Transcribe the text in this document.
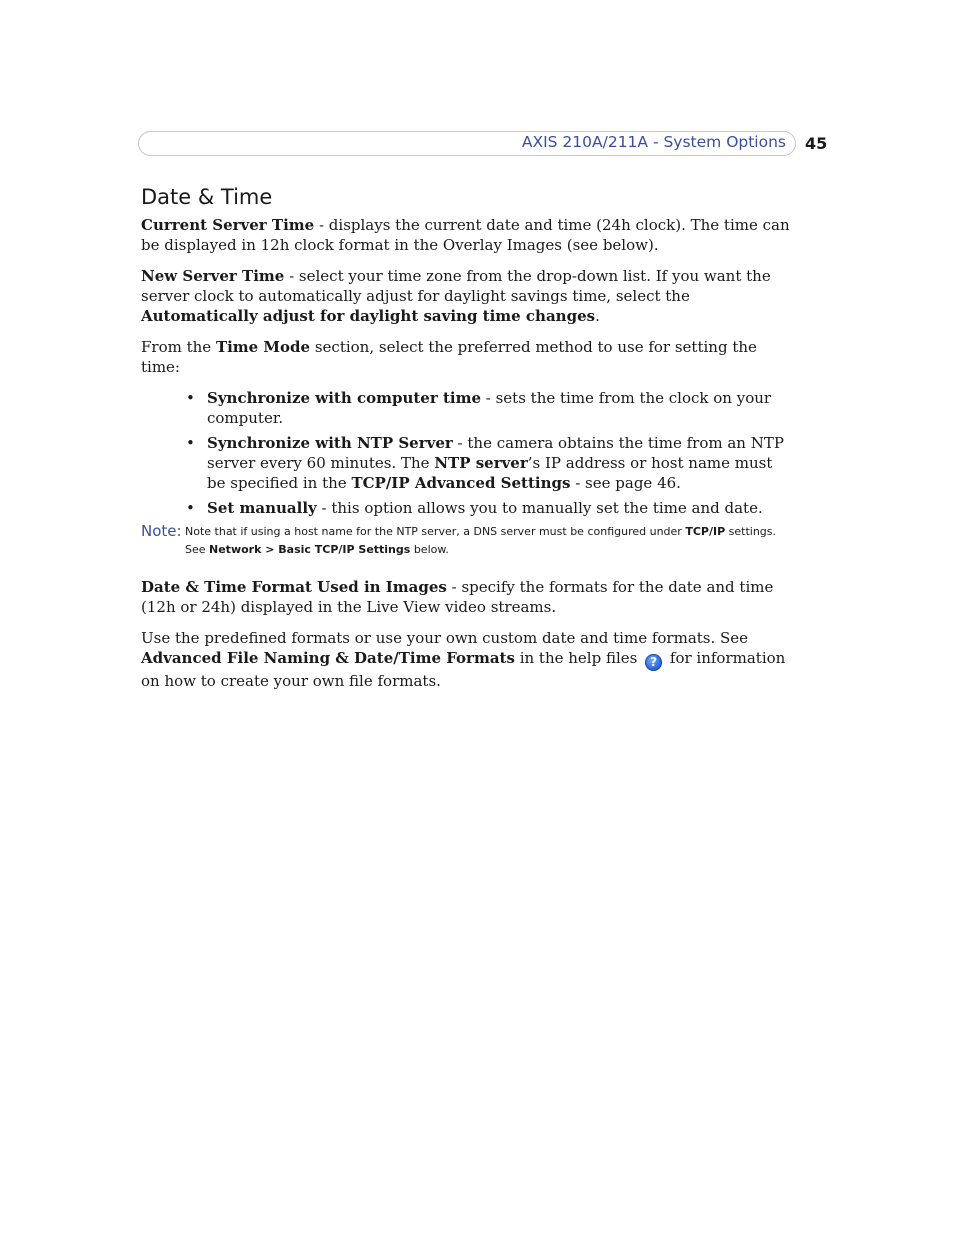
AXIS 210A/211A - System Options 45
Date & Time

Current Server Time - displays the current date and time (24h clock). The time can be displayed in 12h clock format in the Overlay Images (see below).

New Server Time - select your time zone from the drop-down list. If you want the server clock to automatically adjust for daylight savings time, select the Automatically adjust for daylight saving time changes.

From the Time Mode section, select the preferred method to use for setting the time:

• Synchronize with computer time - sets the time from the clock on your computer.
• Synchronize with NTP Server - the camera obtains the time from an NTP server every 60 minutes. The NTP server’s IP address or host name must be specified in the TCP/IP Advanced Settings - see page 46.
• Set manually - this option allows you to manually set the time and date.
Note: Note that if using a host name for the NTP server, a DNS server must be configured under TCP/IP settings. See Network > Basic TCP/IP Settings below.

Date & Time Format Used in Images - specify the formats for the date and time (12h or 24h) displayed in the Live View video streams.

Use the predefined formats or use your own custom date and time formats. See Advanced File Naming & Date/Time Formats in the help files ? for information on how to create your own file formats.
